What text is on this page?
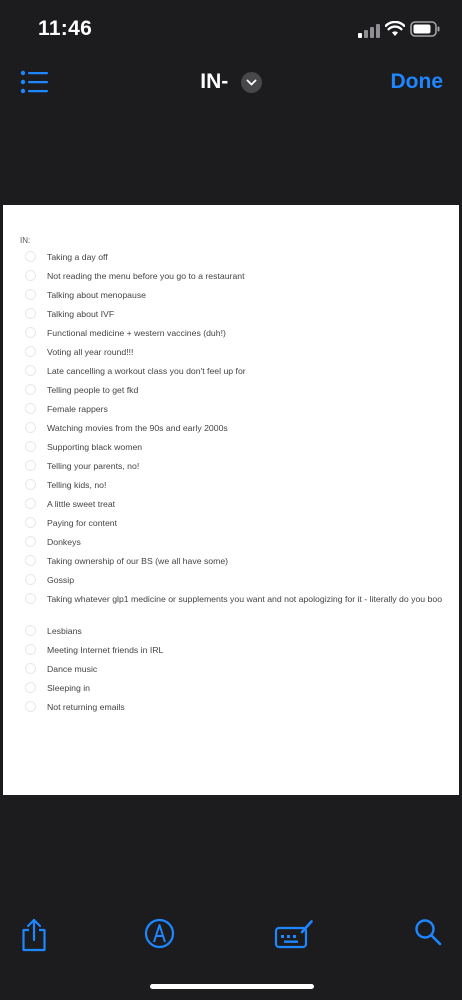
11:46
IN-	Done
IN:
Taking a day off
Not reading the menu before you go to a restaurant
Talking about menopause
Talking about IVF
Functional medicine + western vaccines (duh!)
Voting all year round!!!
Late cancelling a workout class you don't feel up for
Telling people to get fkd
Female rappers
Watching movies from the 90s and early 2000s
Supporting black women
Telling your parents, no!
Telling kids, no!
A little sweet treat
Paying for content
Donkeys
Taking ownership of our BS (we all have some)
Gossip
Taking whatever glp1 medicine or supplements you want and not apologizing for it - literally do you boo
Lesbians
Meeting Internet friends in IRL
Dance music
Sleeping in
Not returning emails
